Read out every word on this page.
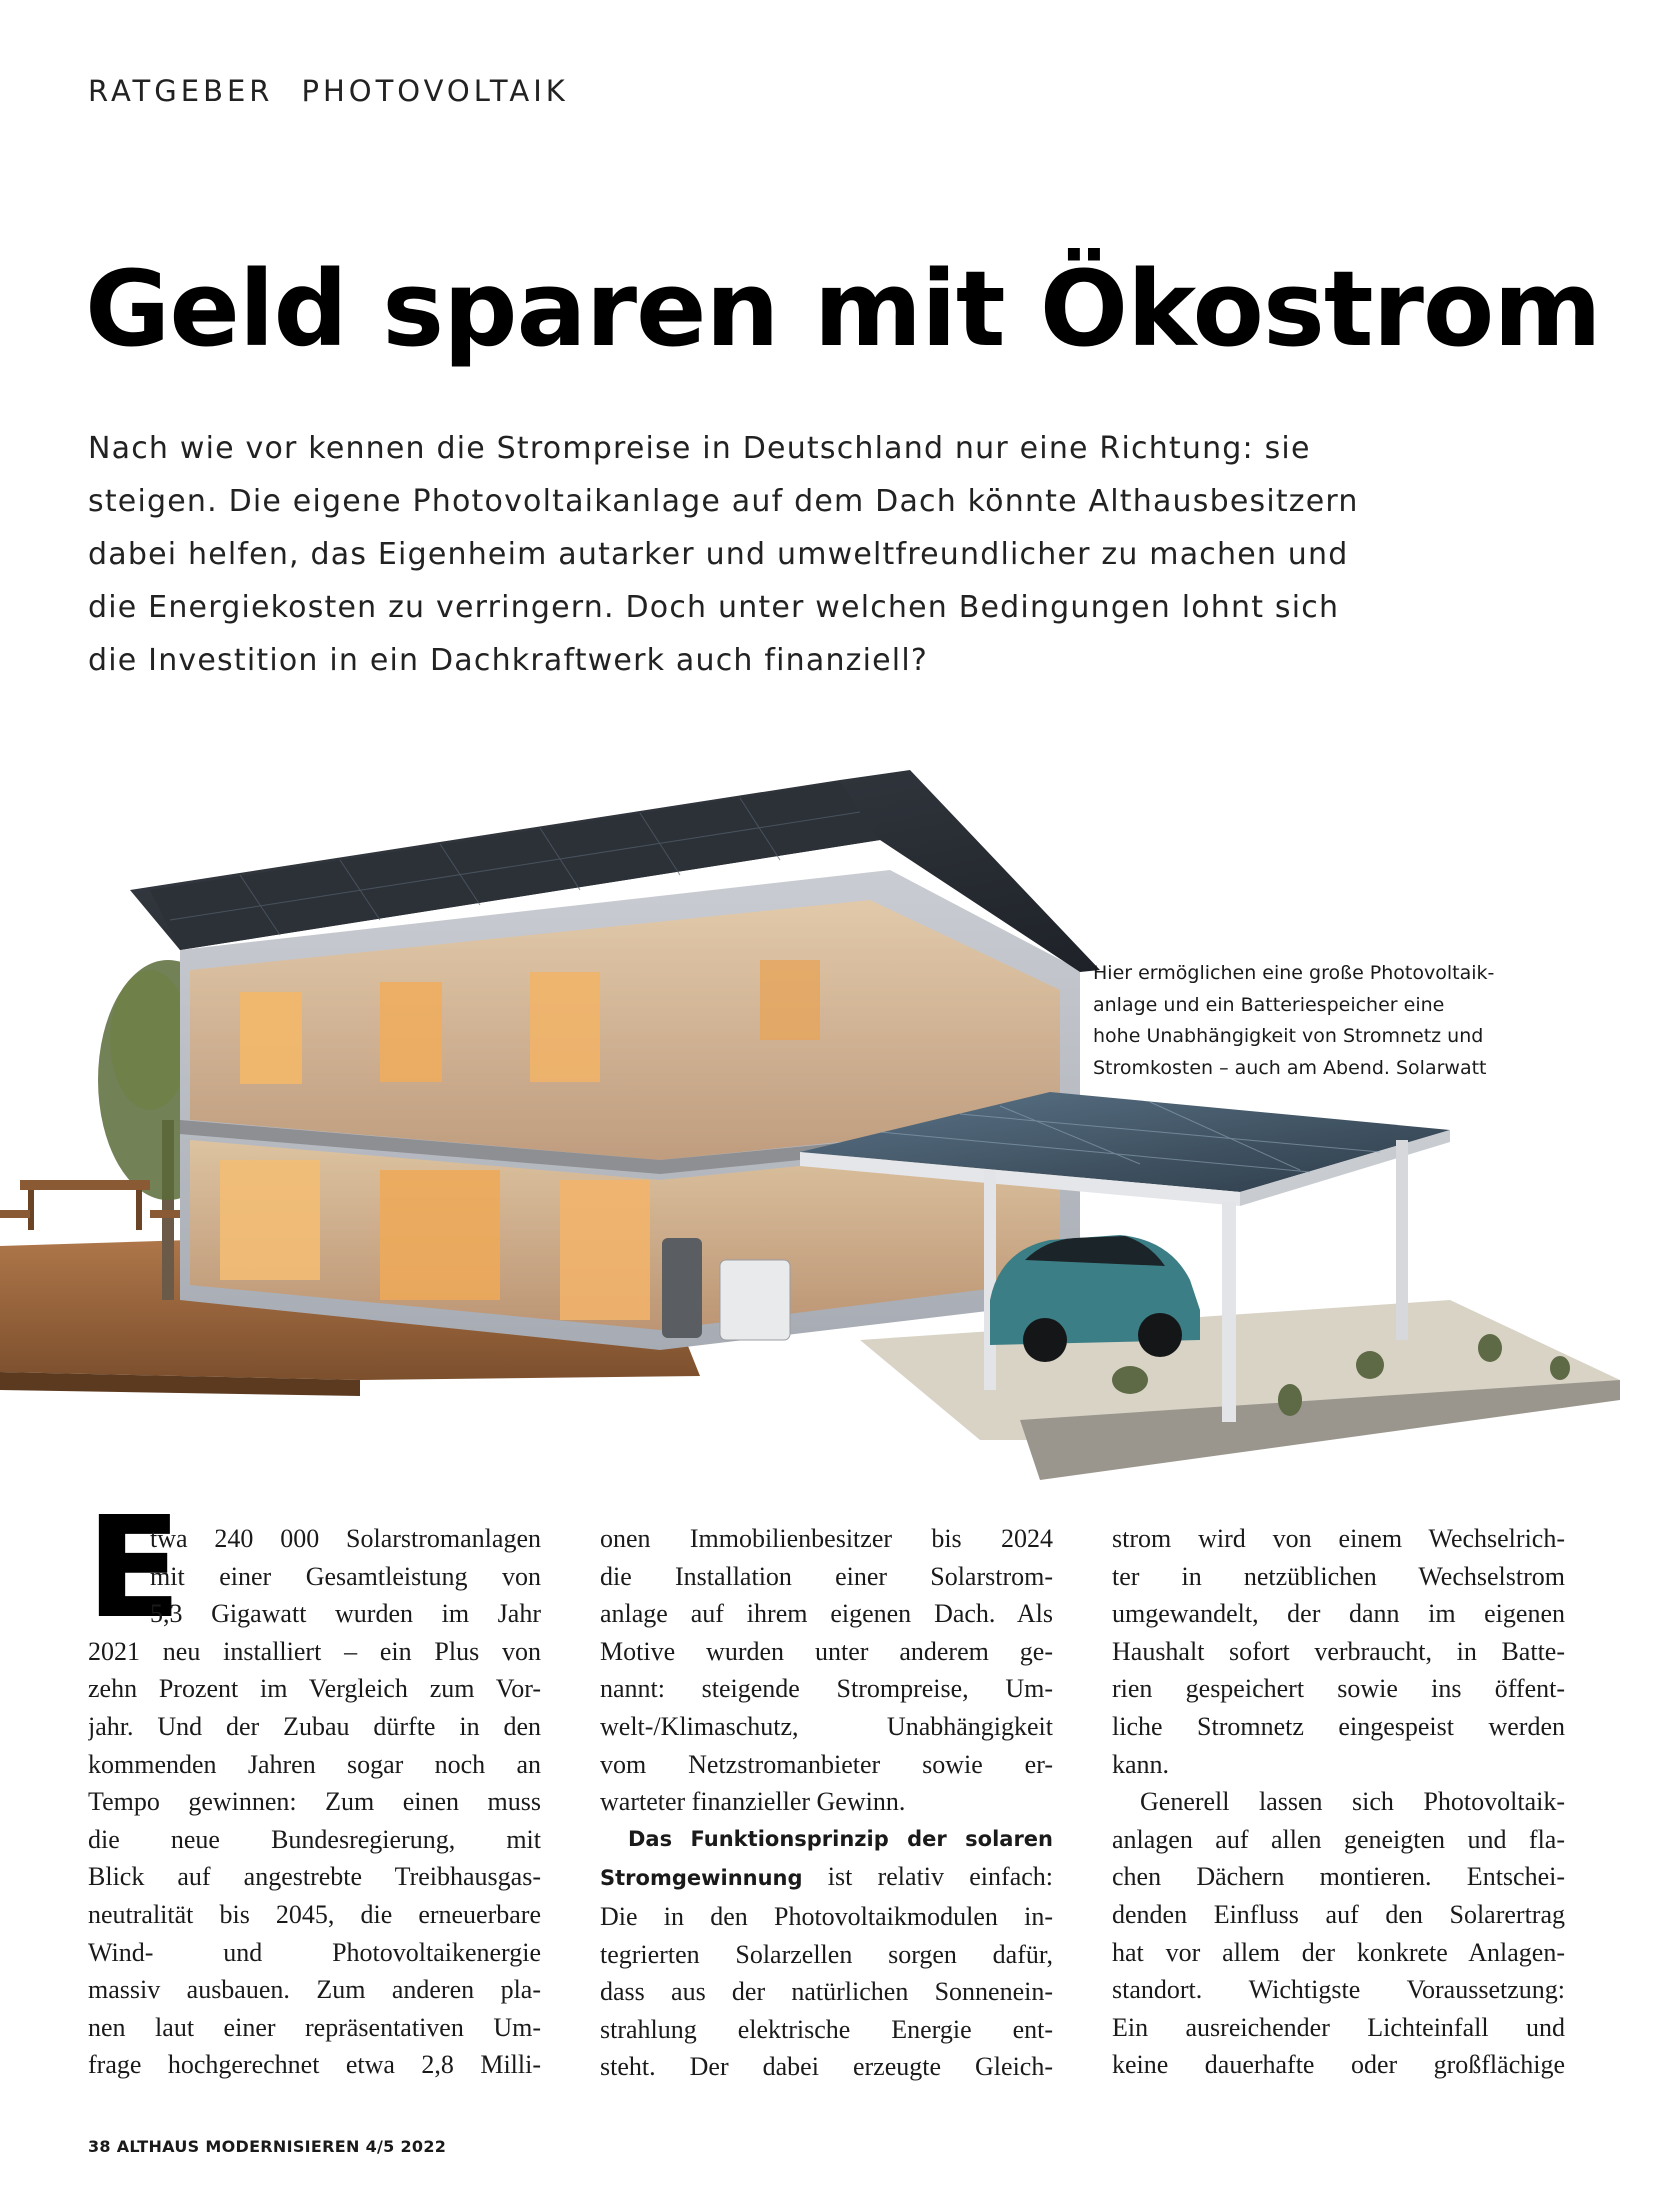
RATGEBER PHOTOVOLTAIK
Geld sparen mit Ökostrom
Nach wie vor kennen die Strompreise in Deutschland nur eine Richtung: sie
steigen. Die eigene Photovoltaikanlage auf dem Dach könnte Althausbesitzern
dabei helfen, das Eigenheim autarker und umweltfreundlicher zu machen und
die Energiekosten zu verringern. Doch unter welchen Bedingungen lohnt sich
die Investition in ein Dachkraftwerk auch finanziell?
Hier ermöglichen eine große Photovoltaik-
anlage und ein Batteriespeicher eine
hohe Unabhängigkeit von Stromnetz und
Stromkosten – auch am Abend. Solarwatt
E
twa 240 000 Solarstromanlagen
mit einer Gesamtleistung von
5,3 Gigawatt wurden im Jahr
2021 neu installiert – ein Plus von
zehn Prozent im Vergleich zum Vor-
jahr. Und der Zubau dürfte in den
kommenden Jahren sogar noch an
Tempo gewinnen: Zum einen muss
die neue Bundesregierung, mit
Blick auf angestrebte Treibhausgas-
neutralität bis 2045, die erneuerbare
Wind- und Photovoltaikenergie
massiv ausbauen. Zum anderen pla-
nen laut einer repräsentativen Um-
frage hochgerechnet etwa 2,8 Milli-
onen Immobilienbesitzer bis 2024
die Installation einer Solarstrom-
anlage auf ihrem eigenen Dach. Als
Motive wurden unter anderem ge-
nannt: steigende Strompreise, Um-
welt-/Klimaschutz, Unabhängigkeit
vom Netzstromanbieter sowie er-
warteter finanzieller Gewinn.
Das Funktionsprinzip der solaren
Stromgewinnung ist relativ einfach:
Die in den Photovoltaikmodulen in-
tegrierten Solarzellen sorgen dafür,
dass aus der natürlichen Sonnenein-
strahlung elektrische Energie ent-
steht. Der dabei erzeugte Gleich-
strom wird von einem Wechselrich-
ter in netzüblichen Wechselstrom
umgewandelt, der dann im eigenen
Haushalt sofort verbraucht, in Batte-
rien gespeichert sowie ins öffent-
liche Stromnetz eingespeist werden
kann.
Generell lassen sich Photovoltaik-
anlagen auf allen geneigten und fla-
chen Dächern montieren. Entschei-
denden Einfluss auf den Solarertrag
hat vor allem der konkrete Anlagen-
standort. Wichtigste Voraussetzung:
Ein ausreichender Lichteinfall und
keine dauerhafte oder großflächige
38 ALTHAUS MODERNISIEREN 4/5 2022
